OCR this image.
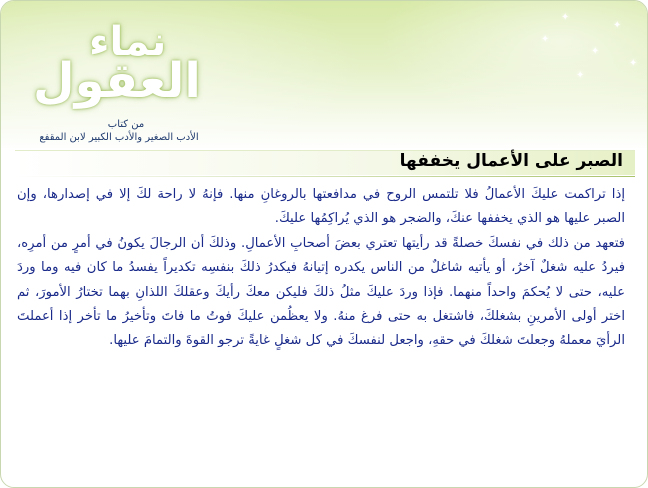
✦
✦
✦
✦
✦
✦
نماء
العقول
من كتاب
الأدب الصغير والأدب الكبير لابن المقفع
الصبر على الأعمال يخففها

إذا تراكمت عليكَ الأعمالُ فلا تلتمس الروح في مدافعتها بالروغانِ منها. فإنهُ لا راحة لكَ إلا في إصدارها، وإن الصبر عليها هو الذي يخففها عنكَ، والضجر هو الذي يُراكِمُها عليكَ.

فتعهد من ذلك في نفسكَ خصلةً قد رأيتها تعتري بعضَ أصحابِ الأعمالِ. وذلكَ أن الرجالَ يكونُ في أمرٍ من أمرِه، فيردُ عليه شغلٌ آخرُ، أو يأتيه شاغلٌ من الناس يكدره إتيانهُ فيكدرُ ذلكَ بنفسِه تكديراً يفسدُ ما كان فيه وما وردَ عليه، حتى لا يُحكمَ واحداً منهما. فإذا وردَ عليكَ مثلُ ذلكَ فليكن معكَ رأيكَ وعقلكَ اللذانِ بهما تختارُ الأمورَ، ثم اختر أولى الأمرينِ بشغلكَ، فاشتغل به حتى فرغ منهُ. ولا يعظُمن عليكَ فوتُ ما فاتَ وتأخيرُ ما تأخر إذا أعملتَ الرأيَ معملهُ وجعلتَ شغلكَ في حقهِ، واجعل لنفسكَ في كل شغلٍ غايةً ترجو القوةَ والتمامَ عليها.
